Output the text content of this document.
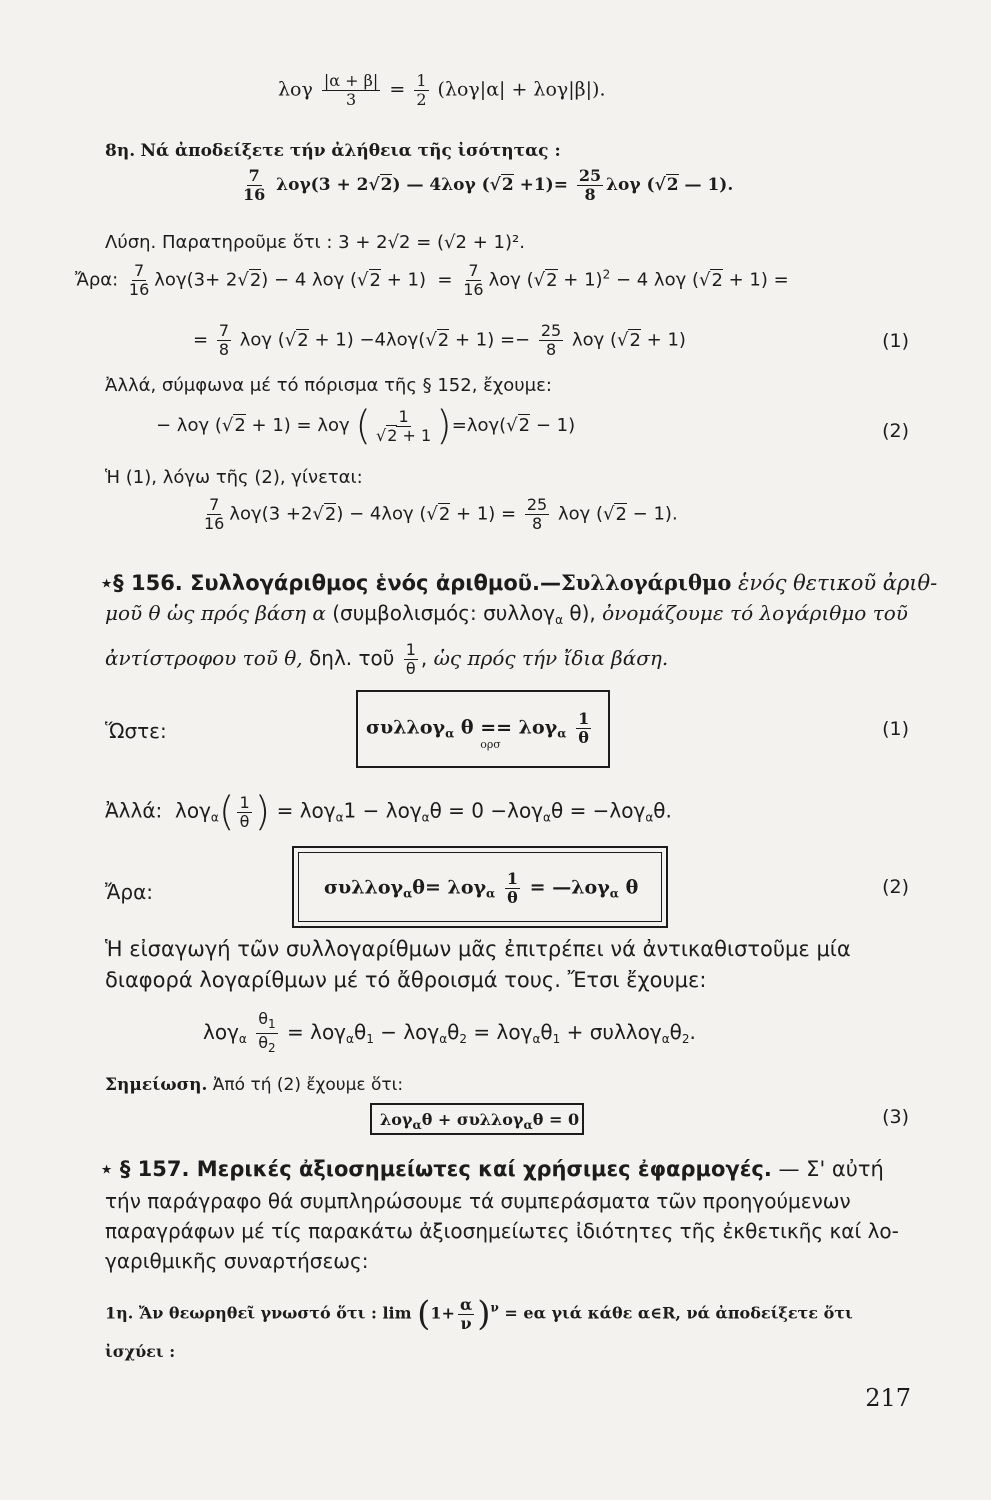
λογ $\frac{|\alpha + \beta|}{3} = \frac{1}{2} (\lambda o\gamma|\alpha| + \lambda o\gamma|\beta|)$.
8η. Νά ἀποδείξετε τήν ἀλήθεια τῆς ἰσότητας :
$\frac{7}{16} \lambda o\gamma(3 + 2√2)$ — 4λογ $(√2 +1)= \frac{25}{8}$ λογ (√2 — 1).
Λύση. Παρατηροῦμε ὅτι : 3 + 2√2 = (√2 + 1)².
Ἄρα: $\frac{7}{16} \lambda o\gamma(3+ 2√2) - 4$ λογ $(√2 + 1) = \frac{7}{16}$ λογ $(√2 + 1)^2 - 4$ λογ (√2 + 1) =
= $\frac{7}{8}$ λογ $(√2 + 1) -4\lambda o\gamma(√2 + 1) =- \frac{25}{8}$ λογ (√2 + 1)	(1)
Ἀλλά, σύμφωνα μέ τό πόρισμα τῆς § 152, ἔχουμε:
− λογ (√2 + 1) = λογ ( $\frac{1}{√2 + 1} )=\lambda o\gamma(√2 - 1)$	(2)
Ἡ (1), λόγω τῆς (2), γίνεται:
$\frac{7}{16} \lambda o\gamma(3 +2√2) - 4\lambda o\gamma$ $(√2 + 1) = \frac{25}{8}$ λογ (√2 − 1).
⋆§ 156. Συλλογάριθμος ἑνός ἀριθμοῦ.—Συλλογάριθμο ἑνός θετικοῦ ἀριθ-
μοῦ θ ὡς πρός βάση α (συμβολισμός: συλλογ$_\alpha$ θ), ὀνομάζουμε τό λογάριθμο τοῦ
ἀντίστροφου τοῦ θ, δηλ. τοῦ $\frac{1}{\theta}$ , ὡς πρός τήν ἴδια βάση.
Ὥστε:	συλλογ$_\alpha$ θ ==
ορσ
$\lambda o\gamma_\alpha \frac{1}{\theta}$	(1)
Ἀλλά:  $\lambda o\gamma_\alpha( \frac{1}{\theta}$ ) = λογ$_\alpha$1 − λογ$_\alpha$θ = 0 −λογ$_\alpha$θ = −λογ$_\alpha$θ.
Ἄρα:	$\sigma\upsilon\lambda\lambda o\gamma_\alpha\theta= \lambda o\gamma_\alpha \frac{1}{\theta}$ = —λογ$_\alpha$ θ	(2)
Ἡ εἰσαγωγή τῶν συλλογαρίθμων μᾶς ἐπιτρέπει νά ἀντικαθιστοῦμε μία
διαφορά λογαρίθμων μέ τό ἄθροισμά τους. Ἔτσι ἔχουμε:
$\lambda o\gamma_\alpha \frac{\theta_1}{\theta_2} = \lambda o\gamma_\alpha\theta_1 - \lambda o\gamma_\alpha\theta_2 = \lambda o\gamma_\alpha\theta_1 + \sigma\upsilon\lambda\lambda o\gamma_\alpha\theta_2$.
Σημείωση. Ἀπό τή (2) ἔχουμε ὅτι:
λογ$_\alpha$θ + συλλογ$_\alpha$θ = 0	(3)
⋆ § 157. Μερικές ἀξιοσημείωτες καί χρήσιμες ἐφαρμογές. — Σ' αὐτή
τήν παράγραφο θά συμπληρώσουμε τά συμπεράσματα τῶν προηγούμενων
παραγράφων μέ τίς παρακάτω ἀξιοσημείωτες ἰδιότητες τῆς ἐκθετικῆς καί λο-
γαριθμικῆς συναρτήσεως:
1η. Ἄν θεωρηθεῖ γνωστό ὅτι : $\lim (1+ \frac{\alpha}{\nu} )^\nu = e\alpha$ γιά κάθε α∈R, νά ἀποδείξετε ὅτι
ἰσχύει :
217
